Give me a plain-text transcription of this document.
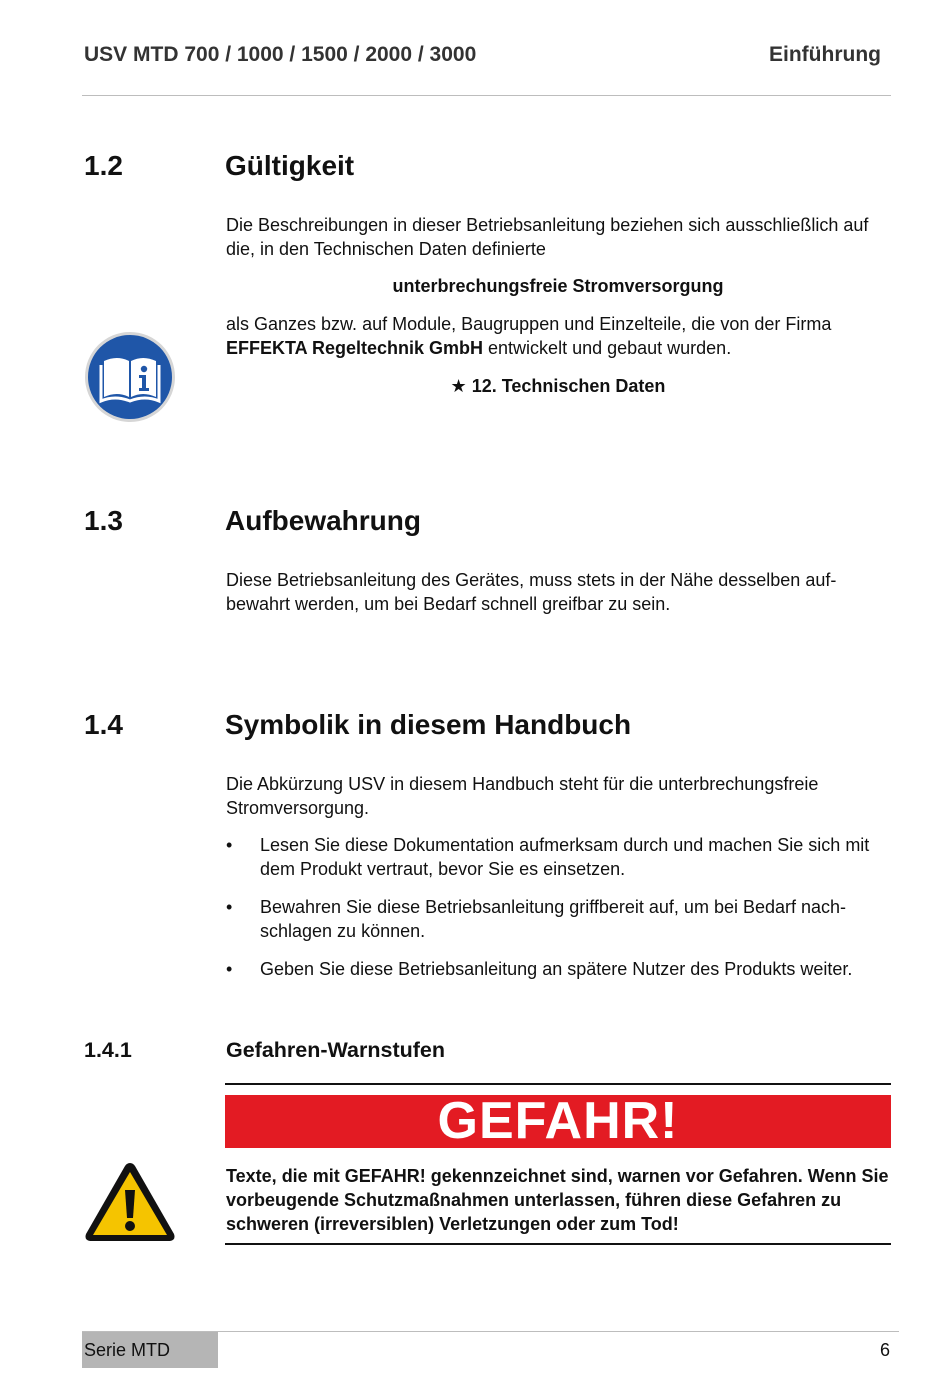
USV MTD 700 / 1000 / 1500 / 2000 / 3000	Einführung
1.2	Gültigkeit
Die Beschreibungen in dieser Betriebsanleitung beziehen sich ausschließlich auf die, in den Technischen Daten definierte
unterbrechungsfreie Stromversorgung
als Ganzes bzw. auf Module, Baugruppen und Einzelteile, die von der Firma EFFEKTA Regeltechnik GmbH entwickelt und gebaut wurden.
★ 12. Technischen Daten
1.3	Aufbewahrung
Diese Betriebsanleitung des Gerätes, muss stets in der Nähe desselben auf-bewahrt werden, um bei Bedarf schnell greifbar zu sein.
1.4	Symbolik in diesem Handbuch
Die Abkürzung USV in diesem Handbuch steht für die unterbrechungsfreie Stromversorgung.
• Lesen Sie diese Dokumentation aufmerksam durch und machen Sie sich mit dem Produkt vertraut, bevor Sie es einsetzen.
• Bewahren Sie diese Betriebsanleitung griffbereit auf, um bei Bedarf nach-schlagen zu können.
• Geben Sie diese Betriebsanleitung an spätere Nutzer des Produkts weiter.
1.4.1	Gefahren-Warnstufen
GEFAHR!
Texte, die mit GEFAHR! gekennzeichnet sind, warnen vor Gefahren. Wenn Sie vorbeugende Schutzmaßnahmen unterlassen, führen diese Gefahren zu schweren (irreversiblen) Verletzungen oder zum Tod!
Serie MTD	6
